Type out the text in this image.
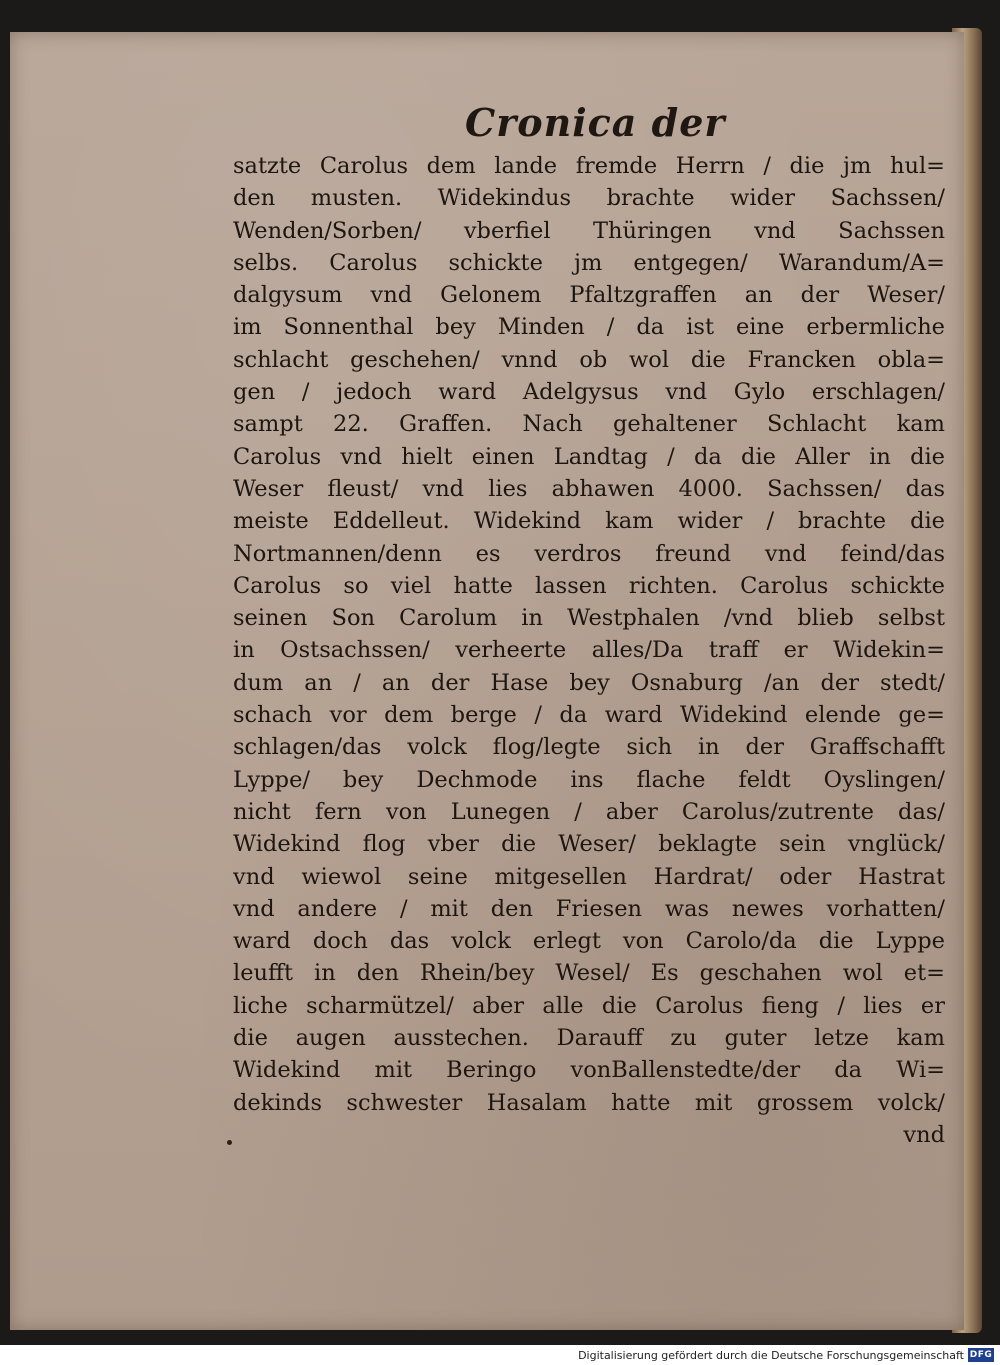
Cronica der
satzte Carolus dem lande fremde Herrn / die jm hul=
den musten. Widekindus brachte wider Sachssen/
Wenden/Sorben/ vberfiel Thüringen vnd Sachssen
selbs. Carolus schickte jm entgegen/ Warandum/A=
dalgysum vnd Gelonem Pfaltzgraffen an der Weser/
im Sonnenthal bey Minden / da ist eine erbermliche
schlacht geschehen/ vnnd ob wol die Francken obla=
gen / jedoch ward Adelgysus vnd Gylo erschlagen/
sampt 22. Graffen. Nach gehaltener Schlacht kam
Carolus vnd hielt einen Landtag / da die Aller in die
Weser fleust/ vnd lies abhawen 4000. Sachssen/ das
meiste Eddelleut. Widekind kam wider / brachte die
Nortmannen/denn es verdros freund vnd feind/das
Carolus so viel hatte lassen richten. Carolus schickte
seinen Son Carolum in Westphalen /vnd blieb selbst
in Ostsachssen/ verheerte alles/Da traff er Widekin=
dum an / an der Hase bey Osnaburg /an der stedt/
schach vor dem berge / da ward Widekind elende ge=
schlagen/das volck flog/legte sich in der Graffschafft
Lyppe/ bey Dechmode ins flache feldt Oyslingen/
nicht fern von Lunegen / aber Carolus/zutrente das/
Widekind flog vber die Weser/ beklagte sein vnglück/
vnd wiewol seine mitgesellen Hardrat/ oder Hastrat
vnd andere / mit den Friesen was newes vorhatten/
ward doch das volck erlegt von Carolo/da die Lyppe
leufft in den Rhein/bey Wesel/ Es geschahen wol et=
liche scharmützel/ aber alle die Carolus fieng / lies er
die augen ausstechen. Darauff zu guter letze kam
Widekind mit Beringo vonBallenstedte/der da Wi=
dekinds schwester Hasalam hatte mit grossem volck/
vnd
Digitalisierung gefördert durch die Deutsche Forschungsgemeinschaft DFG
